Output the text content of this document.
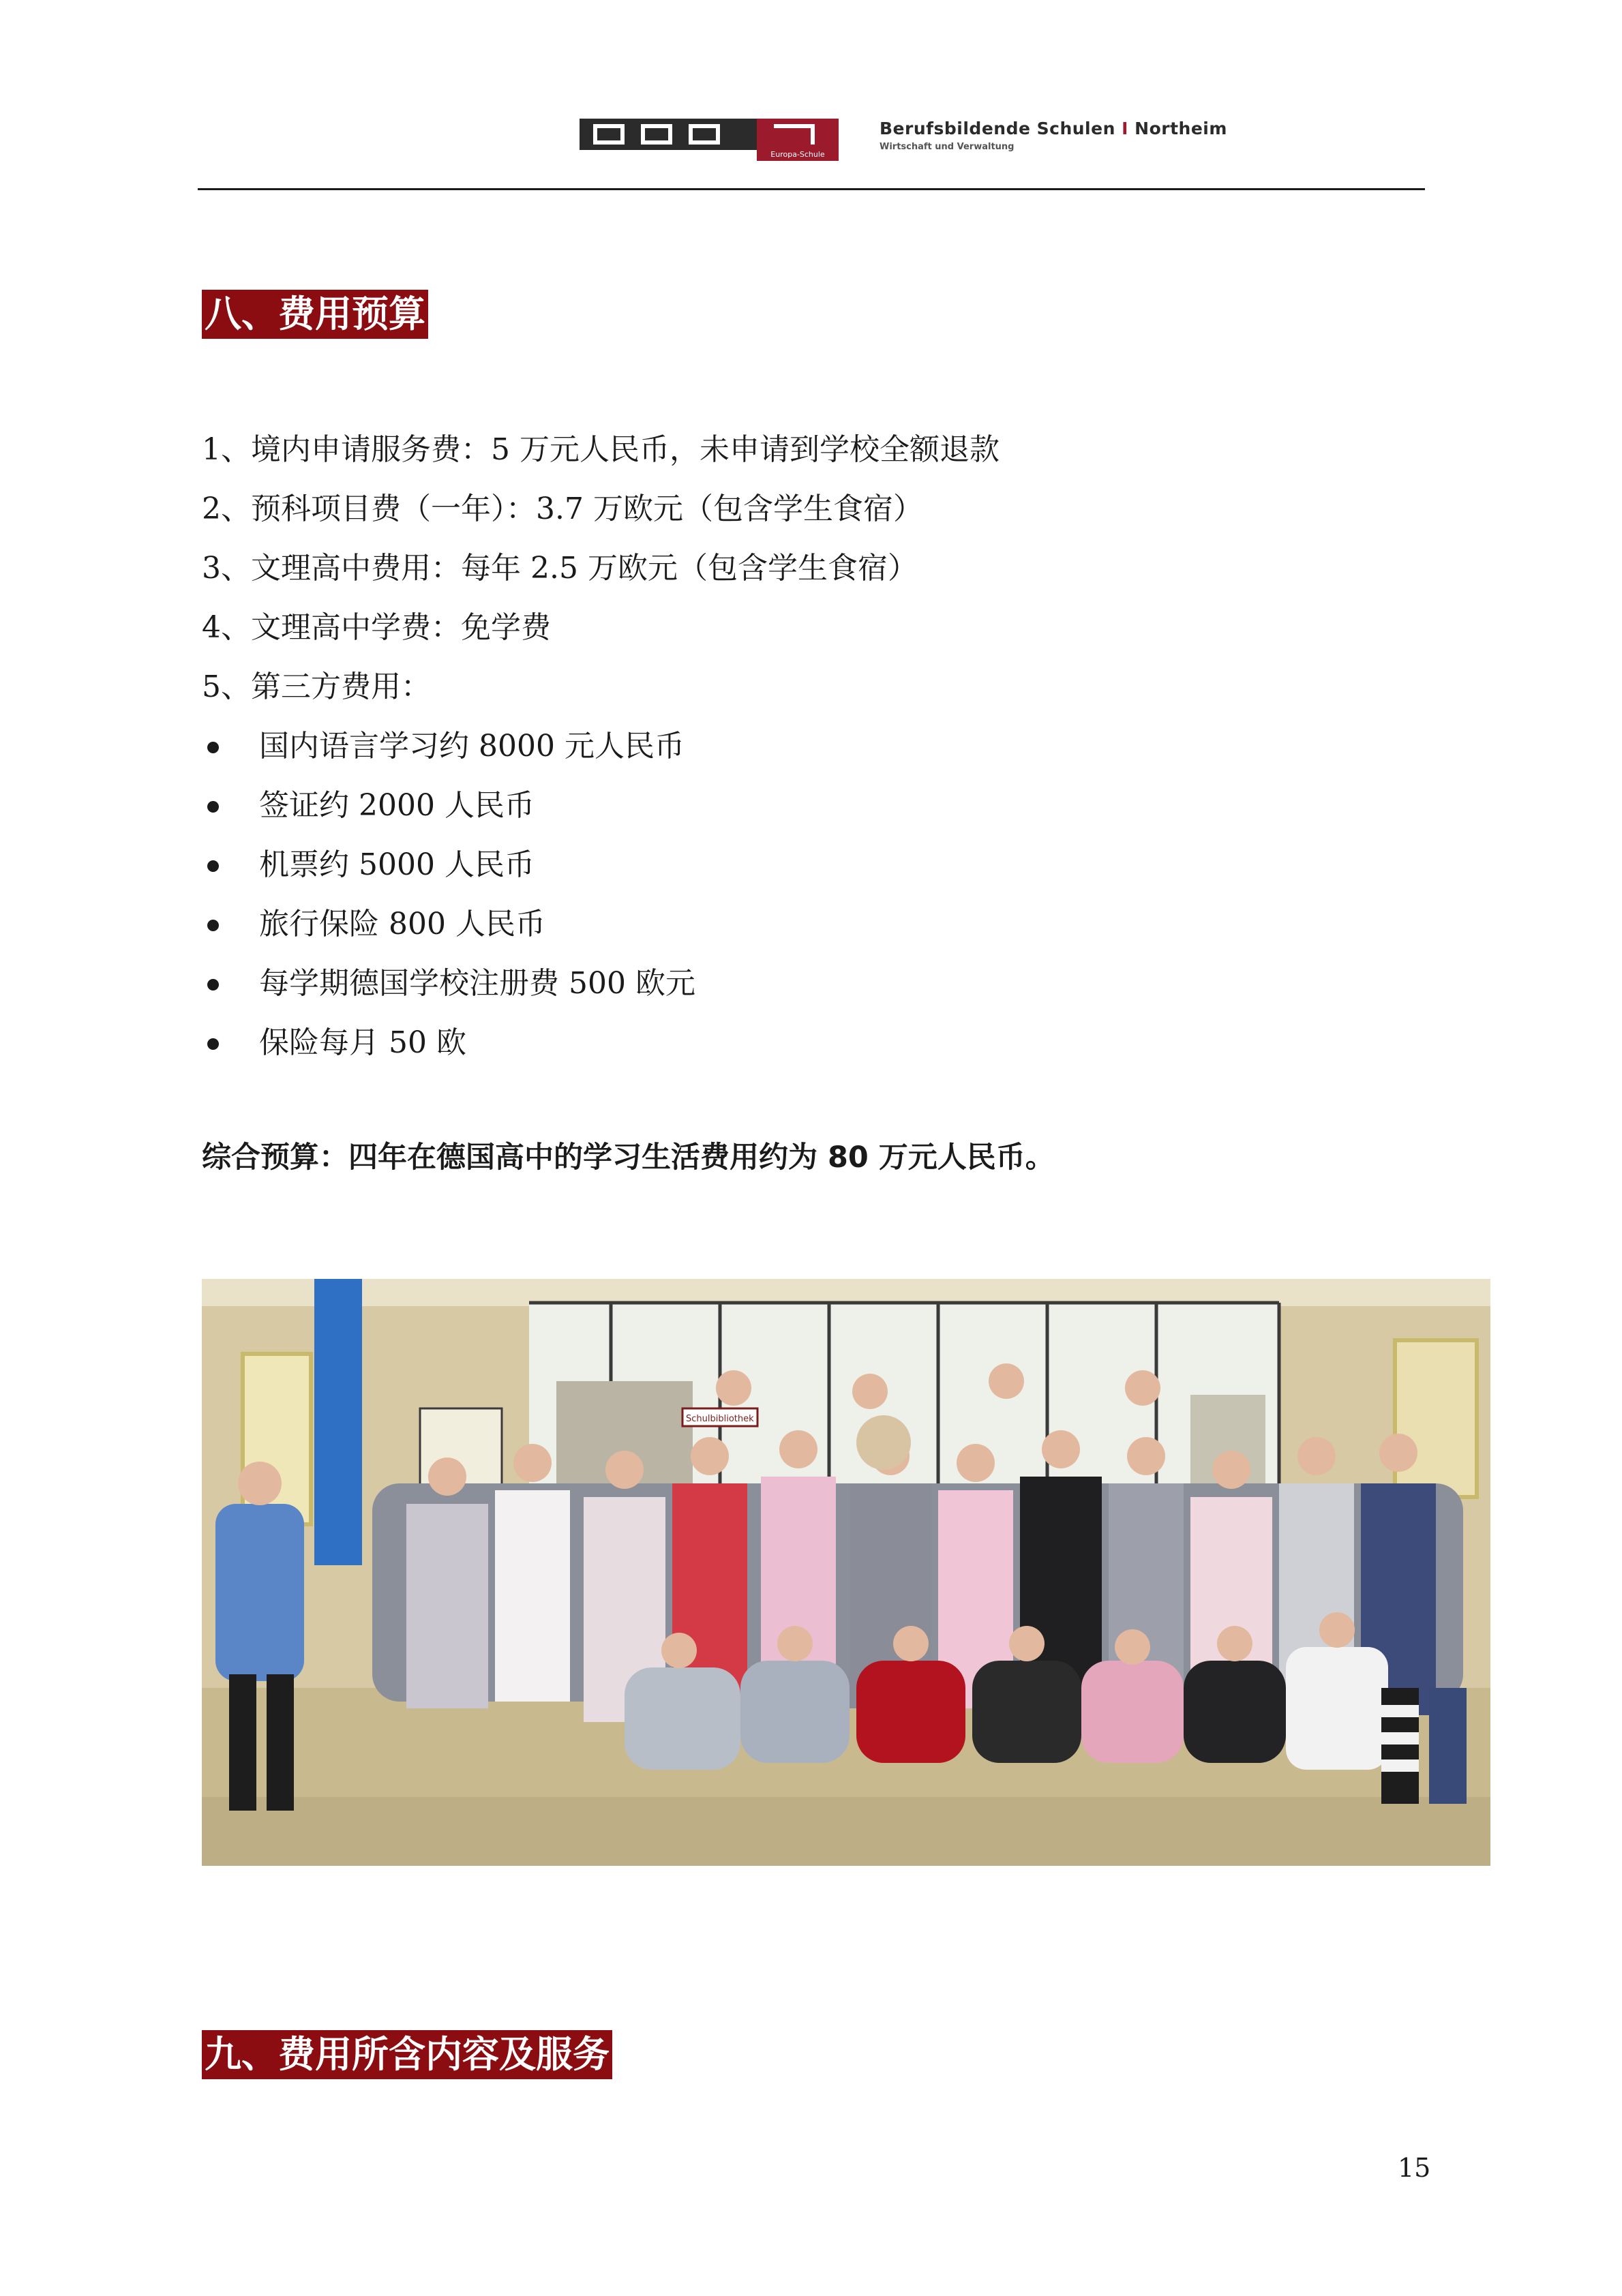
Europa-Schule
Berufsbildende Schulen I Northeim
Wirtschaft und Verwaltung
八、费用预算
1、境内申请服务费：5 万元人民币，未申请到学校全额退款
2、预科项目费（一年）：3.7 万欧元（包含学生食宿）
3、文理高中费用：每年 2.5 万欧元（包含学生食宿）
4、文理高中学费：免学费
5、第三方费用：
国内语言学习约 8000 元人民币
签证约 2000 人民币
机票约 5000 人民币
旅行保险 800 人民币
每学期德国学校注册费 500 欧元
保险每月 50 欧
综合预算：四年在德国高中的学习生活费用约为 80 万元人民币。
Schulbibliothek
九、费用所含内容及服务
15
